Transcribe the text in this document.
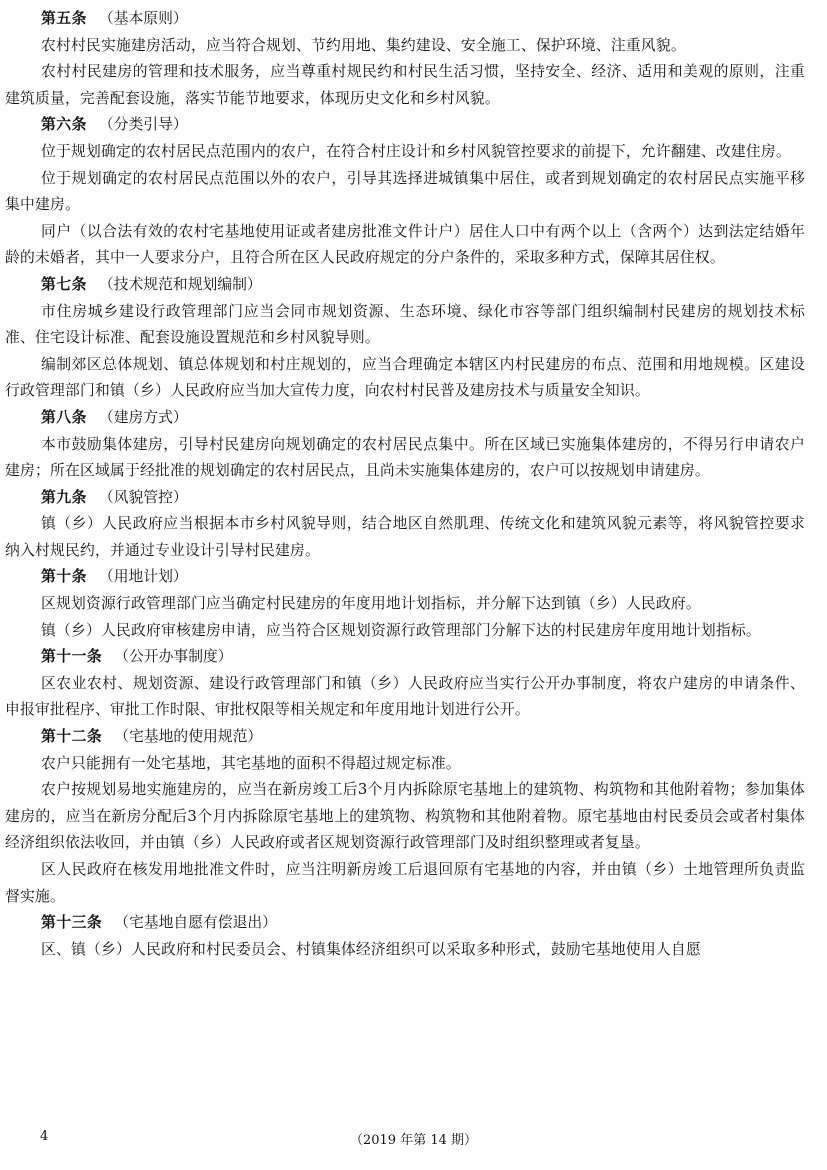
第五条 （基本原则）

农村村民实施建房活动，应当符合规划、节约用地、集约建设、安全施工、保护环境、注重风貌。

农村村民建房的管理和技术服务，应当尊重村规民约和村民生活习惯，坚持安全、经济、适用和美观的原则，注重建筑质量，完善配套设施，落实节能节地要求，体现历史文化和乡村风貌。

第六条 （分类引导）

位于规划确定的农村居民点范围内的农户，在符合村庄设计和乡村风貌管控要求的前提下，允许翻建、改建住房。

位于规划确定的农村居民点范围以外的农户，引导其选择进城镇集中居住，或者到规划确定的农村居民点实施平移集中建房。

同户（以合法有效的农村宅基地使用证或者建房批准文件计户）居住人口中有两个以上（含两个）达到法定结婚年龄的未婚者，其中一人要求分户，且符合所在区人民政府规定的分户条件的，采取多种方式，保障其居住权。

第七条 （技术规范和规划编制）

市住房城乡建设行政管理部门应当会同市规划资源、生态环境、绿化市容等部门组织编制村民建房的规划技术标准、住宅设计标准、配套设施设置规范和乡村风貌导则。

编制郊区总体规划、镇总体规划和村庄规划的，应当合理确定本辖区内村民建房的布点、范围和用地规模。区建设行政管理部门和镇（乡）人民政府应当加大宣传力度，向农村村民普及建房技术与质量安全知识。

第八条 （建房方式）

本市鼓励集体建房，引导村民建房向规划确定的农村居民点集中。所在区域已实施集体建房的，不得另行申请农户建房；所在区域属于经批准的规划确定的农村居民点，且尚未实施集体建房的，农户可以按规划申请建房。

第九条 （风貌管控）

镇（乡）人民政府应当根据本市乡村风貌导则，结合地区自然肌理、传统文化和建筑风貌元素等，将风貌管控要求纳入村规民约，并通过专业设计引导村民建房。

第十条 （用地计划）

区规划资源行政管理部门应当确定村民建房的年度用地计划指标，并分解下达到镇（乡）人民政府。

镇（乡）人民政府审核建房申请，应当符合区规划资源行政管理部门分解下达的村民建房年度用地计划指标。

第十一条 （公开办事制度）

区农业农村、规划资源、建设行政管理部门和镇（乡）人民政府应当实行公开办事制度，将农户建房的申请条件、申报审批程序、审批工作时限、审批权限等相关规定和年度用地计划进行公开。

第十二条 （宅基地的使用规范）

农户只能拥有一处宅基地，其宅基地的面积不得超过规定标准。

农户按规划易地实施建房的，应当在新房竣工后3个月内拆除原宅基地上的建筑物、构筑物和其他附着物；参加集体建房的，应当在新房分配后3个月内拆除原宅基地上的建筑物、构筑物和其他附着物。原宅基地由村民委员会或者村集体经济组织依法收回，并由镇（乡）人民政府或者区规划资源行政管理部门及时组织整理或者复垦。

区人民政府在核发用地批准文件时，应当注明新房竣工后退回原有宅基地的内容，并由镇（乡）土地管理所负责监督实施。

第十三条 （宅基地自愿有偿退出）

区、镇（乡）人民政府和村民委员会、村镇集体经济组织可以采取多种形式，鼓励宅基地使用人自愿

4	（2019 年第 14 期）
